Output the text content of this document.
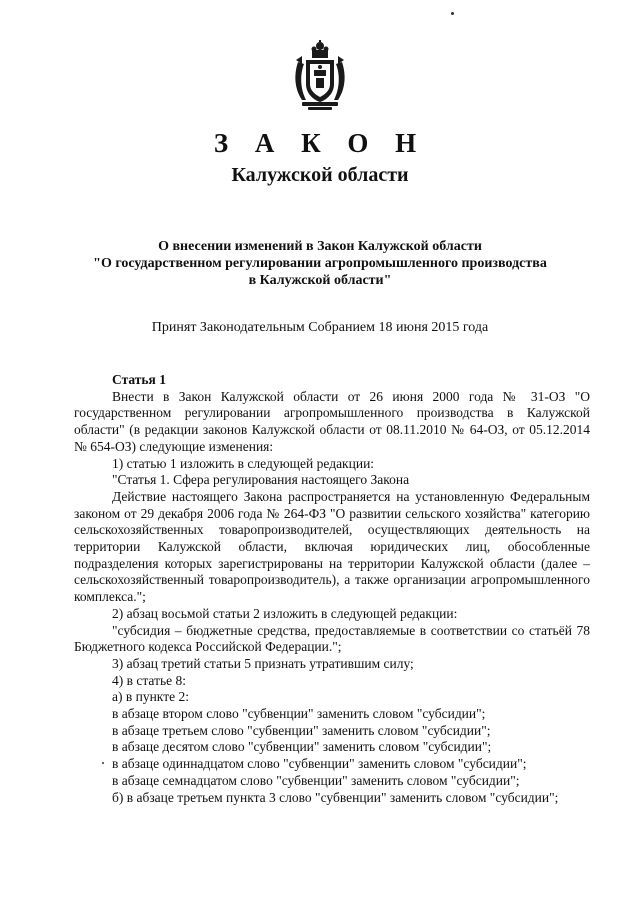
З А К О Н
Калужской области
О внесении изменений в Закон Калужской области
"О государственном регулировании агропромышленного производства
в Калужской области"
Принят Законодательным Собранием 18 июня 2015 года
Статья 1
Внести в Закон Калужской области от 26 июня 2000 года № 31-ОЗ "О государственном регулировании агропромышленного производства в Калужской области" (в редакции законов Калужской области от 08.11.2010 № 64-ОЗ, от 05.12.2014 № 654-ОЗ) следующие изменения:
1) статью 1 изложить в следующей редакции:
"Статья 1. Сфера регулирования настоящего Закона
Действие настоящего Закона распространяется на установленную Федеральным законом от 29 декабря 2006 года № 264-ФЗ "О развитии сельского хозяйства" категорию сельскохозяйственных товаропроизводителей, осуществляющих деятельность на территории Калужской области, включая юридических лиц, обособленные подразделения которых зарегистрированы на территории Калужской области (далее – сельскохозяйственный товаропроизводитель), а также организации агропромышленного комплекса.";
2) абзац восьмой статьи 2 изложить в следующей редакции:
"субсидия – бюджетные средства, предоставляемые в соответствии со статьёй 78 Бюджетного кодекса Российской Федерации.";
3) абзац третий статьи 5 признать утратившим силу;
4) в статье 8:
а) в пункте 2:
в абзаце втором слово "субвенции" заменить словом "субсидии";
в абзаце третьем слово "субвенции" заменить словом "субсидии";
в абзаце десятом слово "субвенции" заменить словом "субсидии";
в абзаце одиннадцатом слово "субвенции" заменить словом "субсидии";
в абзаце семнадцатом слово "субвенции" заменить словом "субсидии";
б) в абзаце третьем пункта 3 слово "субвенции" заменить словом "субсидии";
